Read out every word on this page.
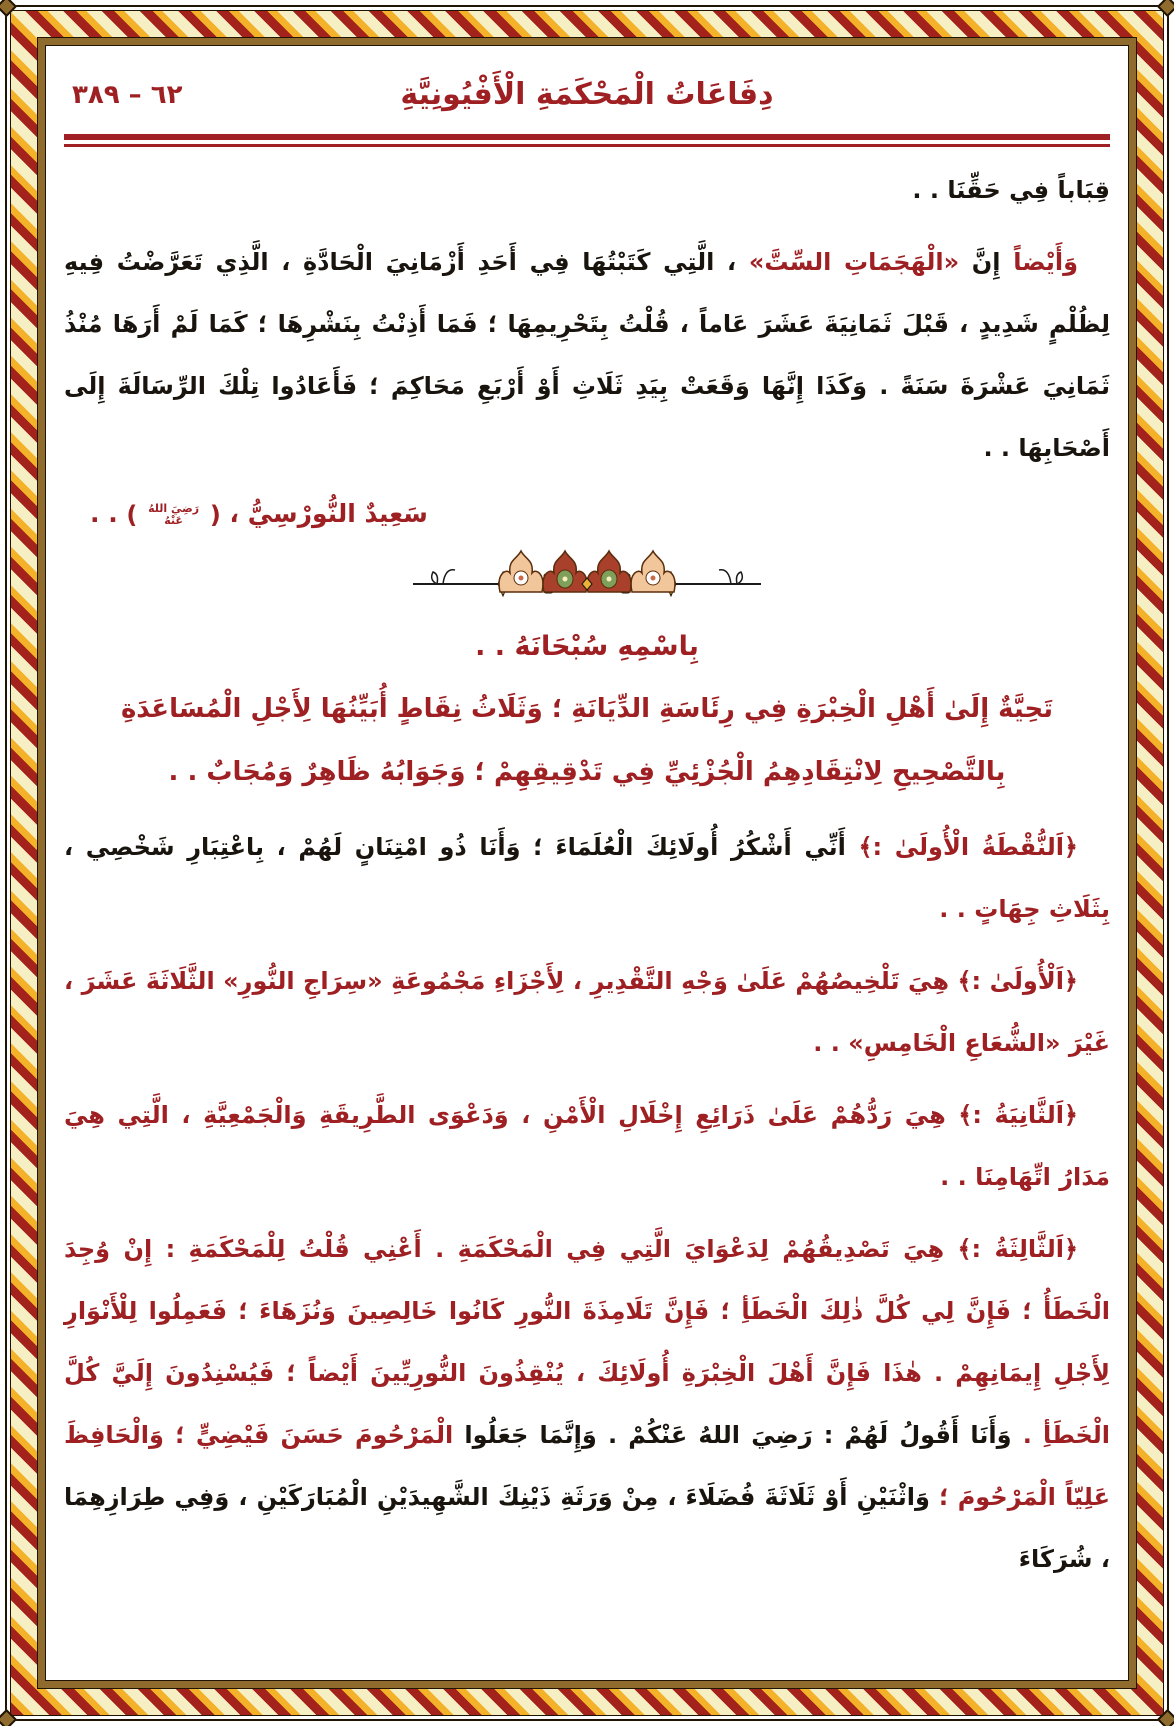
٦٢ – ٣٨٩	دِفَاعَاتُ الْمَحْكَمَةِ الْأَفْيُونِيَّةِ

قِبَاباً فِي حَقِّنَا . .

وَأَيْضاً إِنَّ «الْهَجَمَاتِ السِّتَّ» ، الَّتِي كَتَبْتُهَا فِي أَحَدِ أَزْمَانِيَ الْحَادَّةِ ، الَّذِي تَعَرَّضْتُ فِيهِ لِظُلْمٍ شَدِيدٍ ، قَبْلَ ثَمَانِيَةَ عَشَرَ عَاماً ، قُلْتُ بِتَحْرِيمِهَا ؛ فَمَا أَذِنْتُ بِنَشْرِهَا ؛ كَمَا لَمْ أَرَهَا مُنْذُ ثَمَانِيَ عَشْرَةَ سَنَةً . وَكَذَا إِنَّهَا وَقَعَتْ بِيَدِ ثَلَاثِ أَوْ أَرْبَعِ مَحَاكِمَ ؛ فَأَعَادُوا تِلْكَ الرِّسَالَةَ إِلَى أَصْحَابِهَا . .

سَعِيدٌ النُّورْسِيُّ ، (
رَضِيَ اللهُ
عَنْهُ
) . .

بِاسْمِهِ سُبْحَانَهُ . .

تَحِيَّةٌ إِلَىٰ أَهْلِ الْخِبْرَةِ فِي رِئَاسَةِ الدِّيَانَةِ ؛ وَثَلَاثُ نِقَاطٍ أُبَيِّنُهَا لِأَجْلِ الْمُسَاعَدَةِ

بِالتَّصْحِيحِ لِانْتِقَادِهِمُ الْجُزْئِيِّ فِي تَدْقِيقِهِمْ ؛ وَجَوَابُهُ ظَاهِرٌ وَمُجَابٌ . .

﴿اَلنُّقْطَةُ الْأُولَىٰ :﴾ أَنِّي أَشْكُرُ أُولَائِكَ الْعُلَمَاءَ ؛ وَأَنَا ذُو امْتِنَانٍ لَهُمْ ، بِاعْتِبَارِ شَخْصِي ، بِثَلَاثِ جِهَاتٍ . .

﴿اَلْأُولَىٰ :﴾ هِيَ تَلْخِيصُهُمْ عَلَىٰ وَجْهِ التَّقْدِيرِ ، لِأَجْزَاءِ مَجْمُوعَةِ «سِرَاجِ النُّورِ» الثَّلَاثَةَ عَشَرَ ، غَيْرَ «الشُّعَاعِ الْخَامِسِ» . .

﴿اَلثَّانِيَةُ :﴾ هِيَ رَدُّهُمْ عَلَىٰ ذَرَائِعِ إِخْلَالِ الْأَمْنِ ، وَدَعْوَى الطَّرِيقَةِ وَالْجَمْعِيَّةِ ، الَّتِي هِيَ مَدَارُ اتِّهَامِنَا . .

﴿اَلثَّالِثَةُ :﴾ هِيَ تَصْدِيقُهُمْ لِدَعْوَايَ الَّتِي فِي الْمَحْكَمَةِ . أَعْنِي قُلْتُ لِلْمَحْكَمَةِ : إِنْ وُجِدَ الْخَطَأُ ؛ فَإِنَّ لِي كُلَّ ذٰلِكَ الْخَطَأِ ؛ فَإِنَّ تَلَامِذَةَ النُّورِ كَانُوا خَالِصِينَ وَنُزَهَاءَ ؛ فَعَمِلُوا لِلْأَنْوَارِ لِأَجْلِ إِيمَانِهِمْ . هٰذَا فَإِنَّ أَهْلَ الْخِبْرَةِ أُولَائِكَ ، يُنْقِذُونَ النُّورِيِّينَ أَيْضاً ؛ فَيُسْنِدُونَ إِلَيَّ كُلَّ الْخَطَأِ . وَأَنَا أَقُولُ لَهُمْ : رَضِيَ اللهُ عَنْكُمْ . وَإِنَّمَا جَعَلُوا الْمَرْحُومَ حَسَنَ فَيْضِيٍّ ؛ وَالْحَافِظَ عَلِيّاً الْمَرْحُومَ ؛ وَاثْنَيْنِ أَوْ ثَلَاثَةَ فُضَلَاءَ ، مِنْ وَرَثَةِ ذَيْنِكَ الشَّهِيدَيْنِ الْمُبَارَكَيْنِ ، وَفِي طِرَازِهِمَا ، شُرَكَاءَ
